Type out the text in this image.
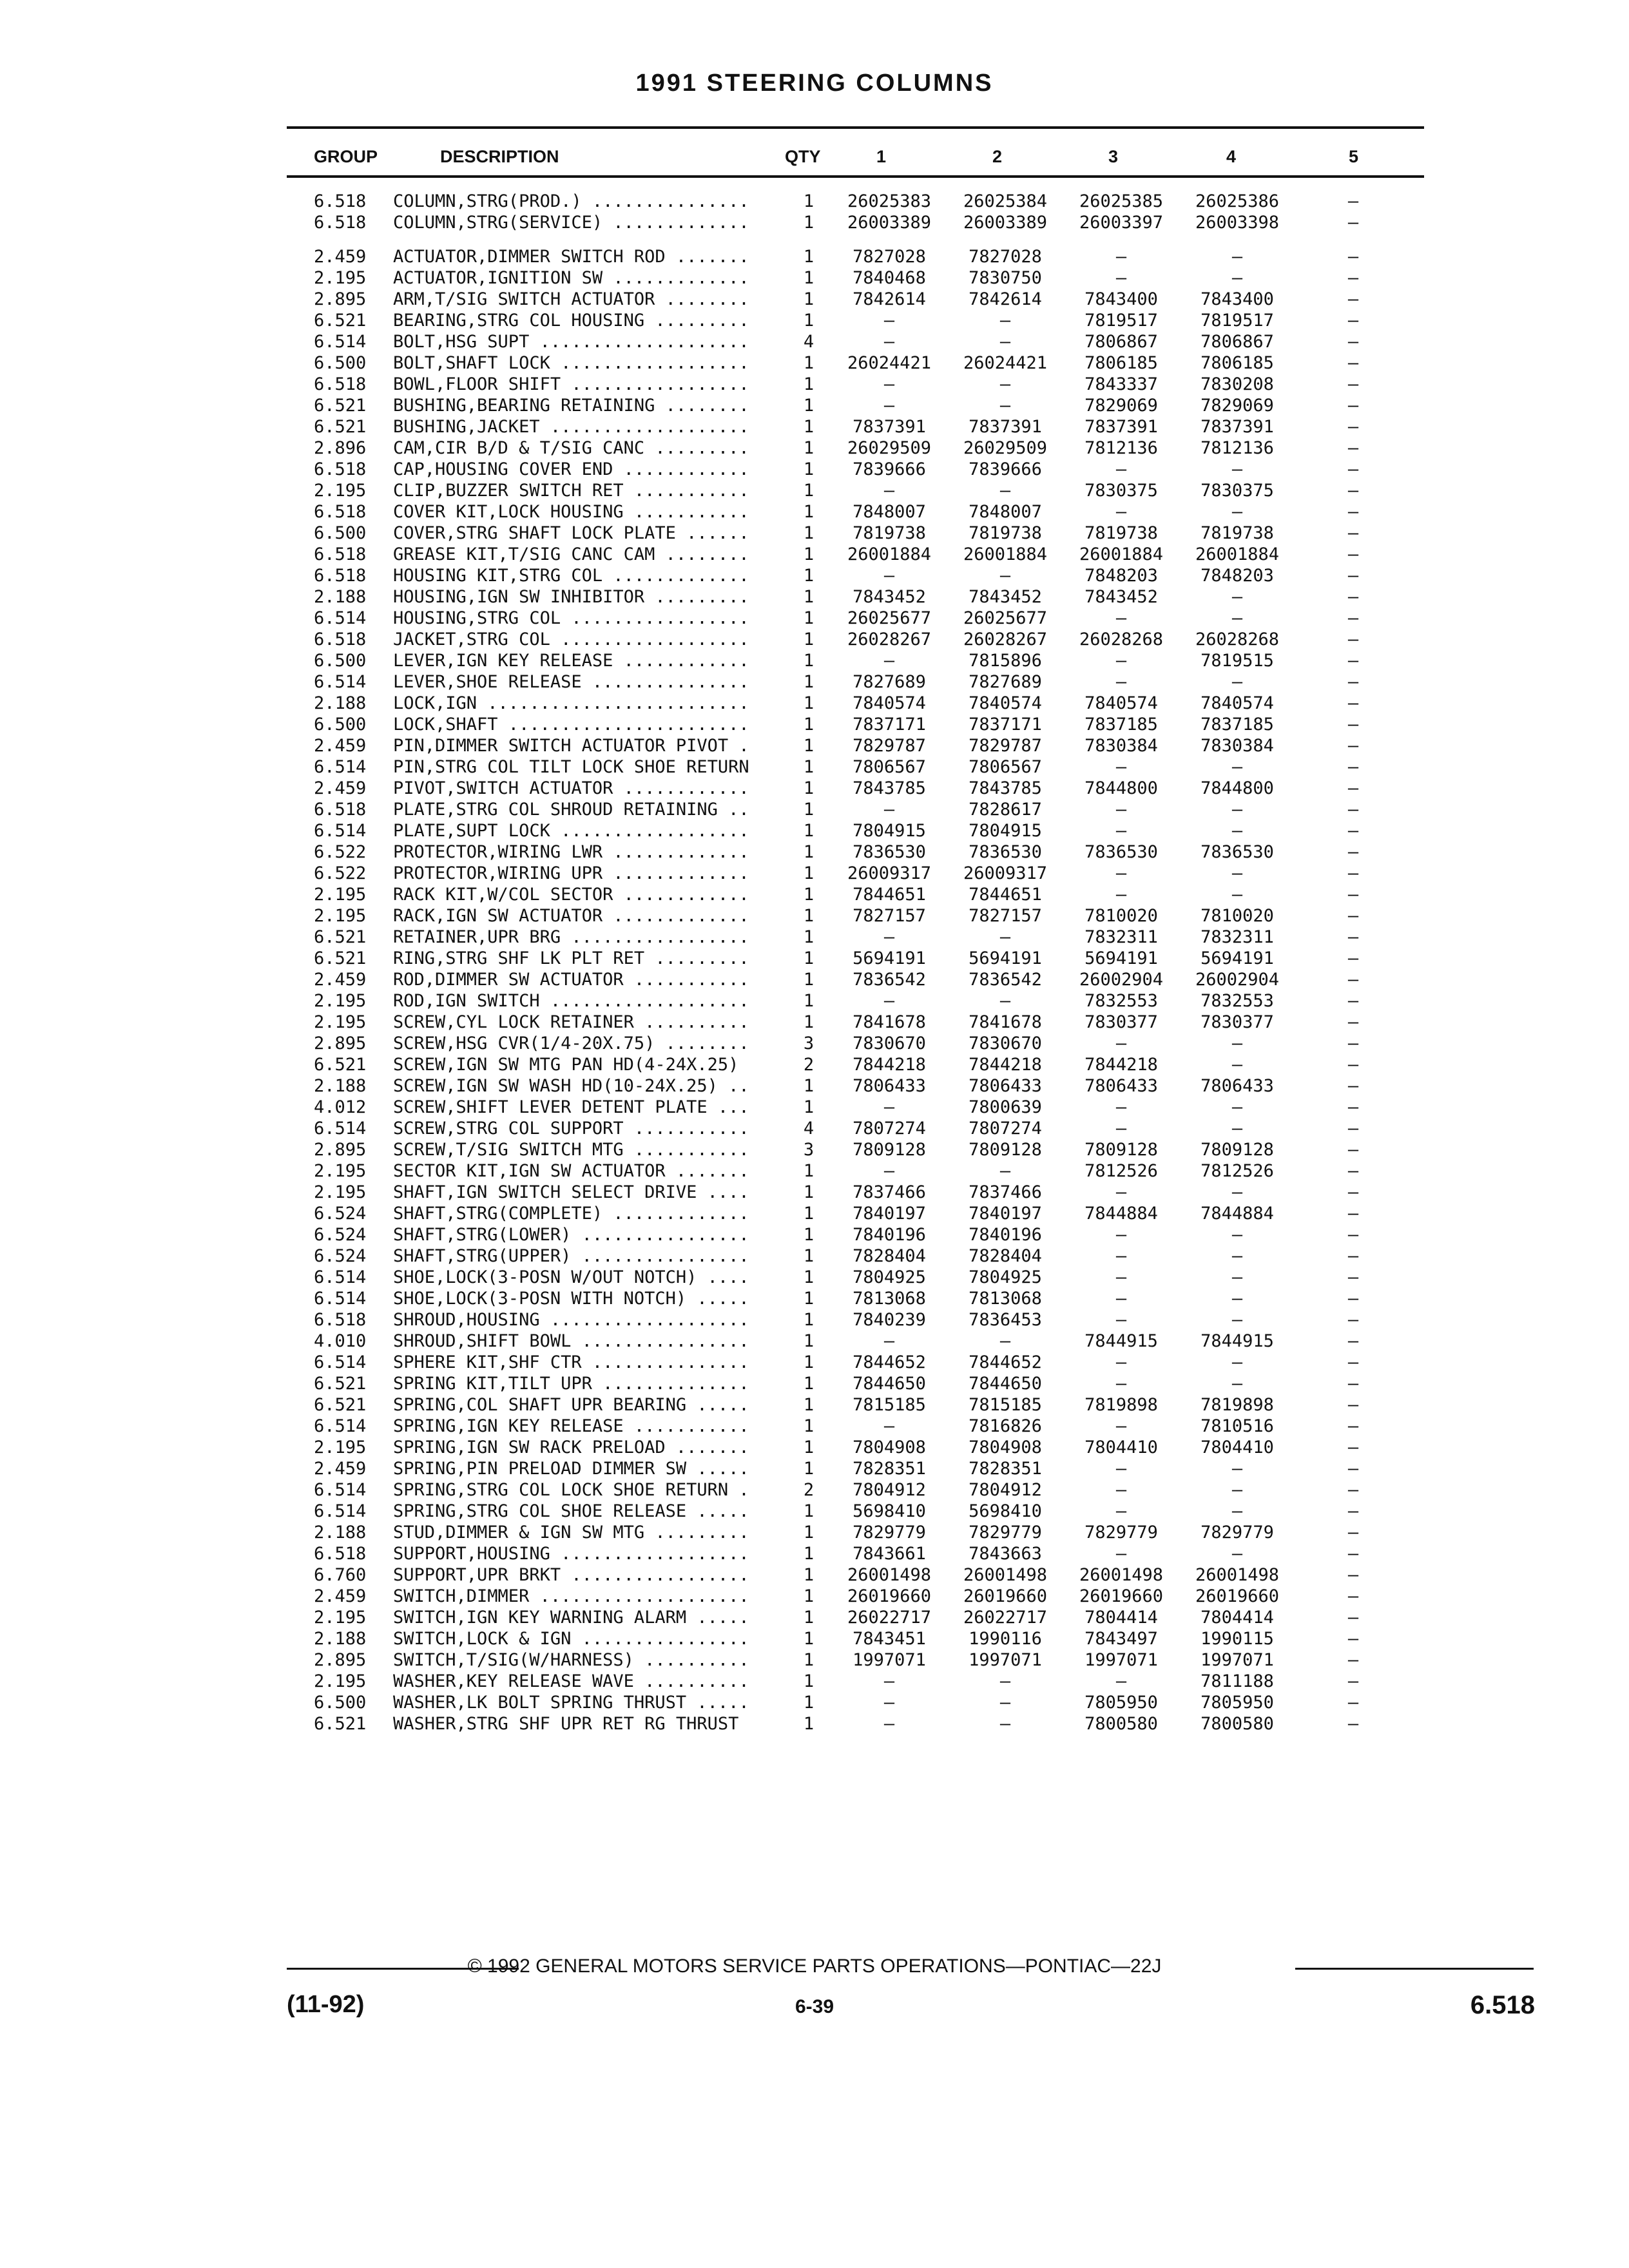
1991 STEERING COLUMNS
GROUP	DESCRIPTION	QTY	1	2	3	4	5
6.518	COLUMN,STRG(PROD.) ...............	1	26025383	26025384	26025385	26025386	—
6.518	COLUMN,STRG(SERVICE) .............	1	26003389	26003389	26003397	26003398	—
2.459	ACTUATOR,DIMMER SWITCH ROD .......	1	7827028	7827028	—	—	—
2.195	ACTUATOR,IGNITION SW .............	1	7840468	7830750	—	—	—
2.895	ARM,T/SIG SWITCH ACTUATOR ........	1	7842614	7842614	7843400	7843400	—
6.521	BEARING,STRG COL HOUSING .........	1	—	—	7819517	7819517	—
6.514	BOLT,HSG SUPT ....................	4	—	—	7806867	7806867	—
6.500	BOLT,SHAFT LOCK ..................	1	26024421	26024421	7806185	7806185	—
6.518	BOWL,FLOOR SHIFT .................	1	—	—	7843337	7830208	—
6.521	BUSHING,BEARING RETAINING ........	1	—	—	7829069	7829069	—
6.521	BUSHING,JACKET ...................	1	7837391	7837391	7837391	7837391	—
2.896	CAM,CIR B/D & T/SIG CANC .........	1	26029509	26029509	7812136	7812136	—
6.518	CAP,HOUSING COVER END ............	1	7839666	7839666	—	—	—
2.195	CLIP,BUZZER SWITCH RET ...........	1	—	—	7830375	7830375	—
6.518	COVER KIT,LOCK HOUSING ...........	1	7848007	7848007	—	—	—
6.500	COVER,STRG SHAFT LOCK PLATE ......	1	7819738	7819738	7819738	7819738	—
6.518	GREASE KIT,T/SIG CANC CAM ........	1	26001884	26001884	26001884	26001884	—
6.518	HOUSING KIT,STRG COL .............	1	—	—	7848203	7848203	—
2.188	HOUSING,IGN SW INHIBITOR .........	1	7843452	7843452	7843452	—	—
6.514	HOUSING,STRG COL .................	1	26025677	26025677	—	—	—
6.518	JACKET,STRG COL ..................	1	26028267	26028267	26028268	26028268	—
6.500	LEVER,IGN KEY RELEASE ............	1	—	7815896	—	7819515	—
6.514	LEVER,SHOE RELEASE ...............	1	7827689	7827689	—	—	—
2.188	LOCK,IGN .........................	1	7840574	7840574	7840574	7840574	—
6.500	LOCK,SHAFT .......................	1	7837171	7837171	7837185	7837185	—
2.459	PIN,DIMMER SWITCH ACTUATOR PIVOT .	1	7829787	7829787	7830384	7830384	—
6.514	PIN,STRG COL TILT LOCK SHOE RETURN	1	7806567	7806567	—	—	—
2.459	PIVOT,SWITCH ACTUATOR ............	1	7843785	7843785	7844800	7844800	—
6.518	PLATE,STRG COL SHROUD RETAINING ..	1	—	7828617	—	—	—
6.514	PLATE,SUPT LOCK ..................	1	7804915	7804915	—	—	—
6.522	PROTECTOR,WIRING LWR .............	1	7836530	7836530	7836530	7836530	—
6.522	PROTECTOR,WIRING UPR .............	1	26009317	26009317	—	—	—
2.195	RACK KIT,W/COL SECTOR ............	1	7844651	7844651	—	—	—
2.195	RACK,IGN SW ACTUATOR .............	1	7827157	7827157	7810020	7810020	—
6.521	RETAINER,UPR BRG .................	1	—	—	7832311	7832311	—
6.521	RING,STRG SHF LK PLT RET .........	1	5694191	5694191	5694191	5694191	—
2.459	ROD,DIMMER SW ACTUATOR ...........	1	7836542	7836542	26002904	26002904	—
2.195	ROD,IGN SWITCH ...................	1	—	—	7832553	7832553	—
2.195	SCREW,CYL LOCK RETAINER ..........	1	7841678	7841678	7830377	7830377	—
2.895	SCREW,HSG CVR(1/4-20X.75) ........	3	7830670	7830670	—	—	—
6.521	SCREW,IGN SW MTG PAN HD(4-24X.25)	2	7844218	7844218	7844218	—	—
2.188	SCREW,IGN SW WASH HD(10-24X.25) ..	1	7806433	7806433	7806433	7806433	—
4.012	SCREW,SHIFT LEVER DETENT PLATE ...	1	—	7800639	—	—	—
6.514	SCREW,STRG COL SUPPORT ...........	4	7807274	7807274	—	—	—
2.895	SCREW,T/SIG SWITCH MTG ...........	3	7809128	7809128	7809128	7809128	—
2.195	SECTOR KIT,IGN SW ACTUATOR .......	1	—	—	7812526	7812526	—
2.195	SHAFT,IGN SWITCH SELECT DRIVE ....	1	7837466	7837466	—	—	—
6.524	SHAFT,STRG(COMPLETE) .............	1	7840197	7840197	7844884	7844884	—
6.524	SHAFT,STRG(LOWER) ................	1	7840196	7840196	—	—	—
6.524	SHAFT,STRG(UPPER) ................	1	7828404	7828404	—	—	—
6.514	SHOE,LOCK(3-POSN W/OUT NOTCH) ....	1	7804925	7804925	—	—	—
6.514	SHOE,LOCK(3-POSN WITH NOTCH) .....	1	7813068	7813068	—	—	—
6.518	SHROUD,HOUSING ...................	1	7840239	7836453	—	—	—
4.010	SHROUD,SHIFT BOWL ................	1	—	—	7844915	7844915	—
6.514	SPHERE KIT,SHF CTR ...............	1	7844652	7844652	—	—	—
6.521	SPRING KIT,TILT UPR ..............	1	7844650	7844650	—	—	—
6.521	SPRING,COL SHAFT UPR BEARING .....	1	7815185	7815185	7819898	7819898	—
6.514	SPRING,IGN KEY RELEASE ...........	1	—	7816826	—	7810516	—
2.195	SPRING,IGN SW RACK PRELOAD .......	1	7804908	7804908	7804410	7804410	—
2.459	SPRING,PIN PRELOAD DIMMER SW .....	1	7828351	7828351	—	—	—
6.514	SPRING,STRG COL LOCK SHOE RETURN .	2	7804912	7804912	—	—	—
6.514	SPRING,STRG COL SHOE RELEASE .....	1	5698410	5698410	—	—	—
2.188	STUD,DIMMER & IGN SW MTG .........	1	7829779	7829779	7829779	7829779	—
6.518	SUPPORT,HOUSING ..................	1	7843661	7843663	—	—	—
6.760	SUPPORT,UPR BRKT .................	1	26001498	26001498	26001498	26001498	—
2.459	SWITCH,DIMMER ....................	1	26019660	26019660	26019660	26019660	—
2.195	SWITCH,IGN KEY WARNING ALARM .....	1	26022717	26022717	7804414	7804414	—
2.188	SWITCH,LOCK & IGN ................	1	7843451	1990116	7843497	1990115	—
2.895	SWITCH,T/SIG(W/HARNESS) ..........	1	1997071	1997071	1997071	1997071	—
2.195	WASHER,KEY RELEASE WAVE ..........	1	—	—	—	7811188	—
6.500	WASHER,LK BOLT SPRING THRUST .....	1	—	—	7805950	7805950	—
6.521	WASHER,STRG SHF UPR RET RG THRUST	1	—	—	7800580	7800580	—
© 1992 GENERAL MOTORS SERVICE PARTS OPERATIONS—PONTIAC—22J
(11-92)	6-39	6.518
